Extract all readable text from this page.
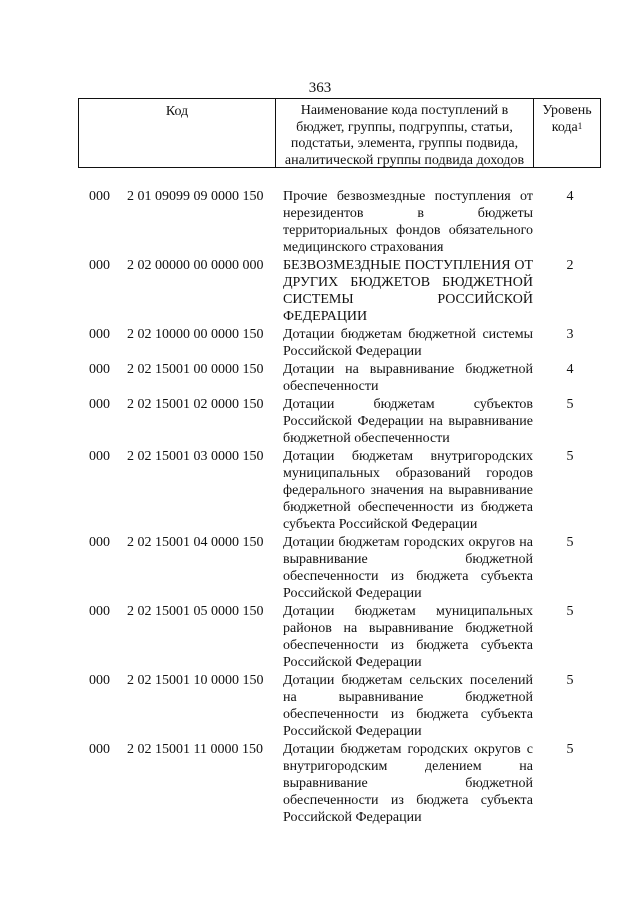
363
Код	Наименование кода поступлений в бюджет, группы, подгруппы, статьи, подстатьи, элемента, группы подвида, аналитической группы подвида доходов
Уровень кода$^1$
000 2 01 09099 09 0000 150 Прочие безвозмездные поступления от нерезидентов в бюджеты территориальных фондов обязательного медицинского страхования
4
000 2 02 00000 00 0000 000 БЕЗВОЗМЕЗДНЫЕ ПОСТУПЛЕНИЯ ОТ ДРУГИХ БЮДЖЕТОВ БЮДЖЕТНОЙ СИСТЕМЫ РОССИЙСКОЙ ФЕДЕРАЦИИ
2
000 2 02 10000 00 0000 150 Дотации бюджетам бюджетной системы Российской Федерации
3
000 2 02 15001 00 0000 150 Дотации на выравнивание бюджетной обеспеченности
4
000 2 02 15001 02 0000 150 Дотации бюджетам субъектов Российской Федерации на выравнивание бюджетной обеспеченности
5
000 2 02 15001 03 0000 150 Дотации бюджетам внутригородских муниципальных образований городов федерального значения на выравнивание бюджетной обеспеченности из бюджета субъекта Российской Федерации
5
000 2 02 15001 04 0000 150 Дотации бюджетам городских округов на выравнивание бюджетной обеспеченности из бюджета субъекта Российской Федерации
5
000 2 02 15001 05 0000 150 Дотации бюджетам муниципальных районов на выравнивание бюджетной обеспеченности из бюджета субъекта Российской Федерации
5
000 2 02 15001 10 0000 150 Дотации бюджетам сельских поселений на выравнивание бюджетной обеспеченности из бюджета субъекта Российской Федерации
5
000 2 02 15001 11 0000 150 Дотации бюджетам городских округов с внутригородским делением на выравнивание бюджетной обеспеченности из бюджета субъекта Российской Федерации
5
